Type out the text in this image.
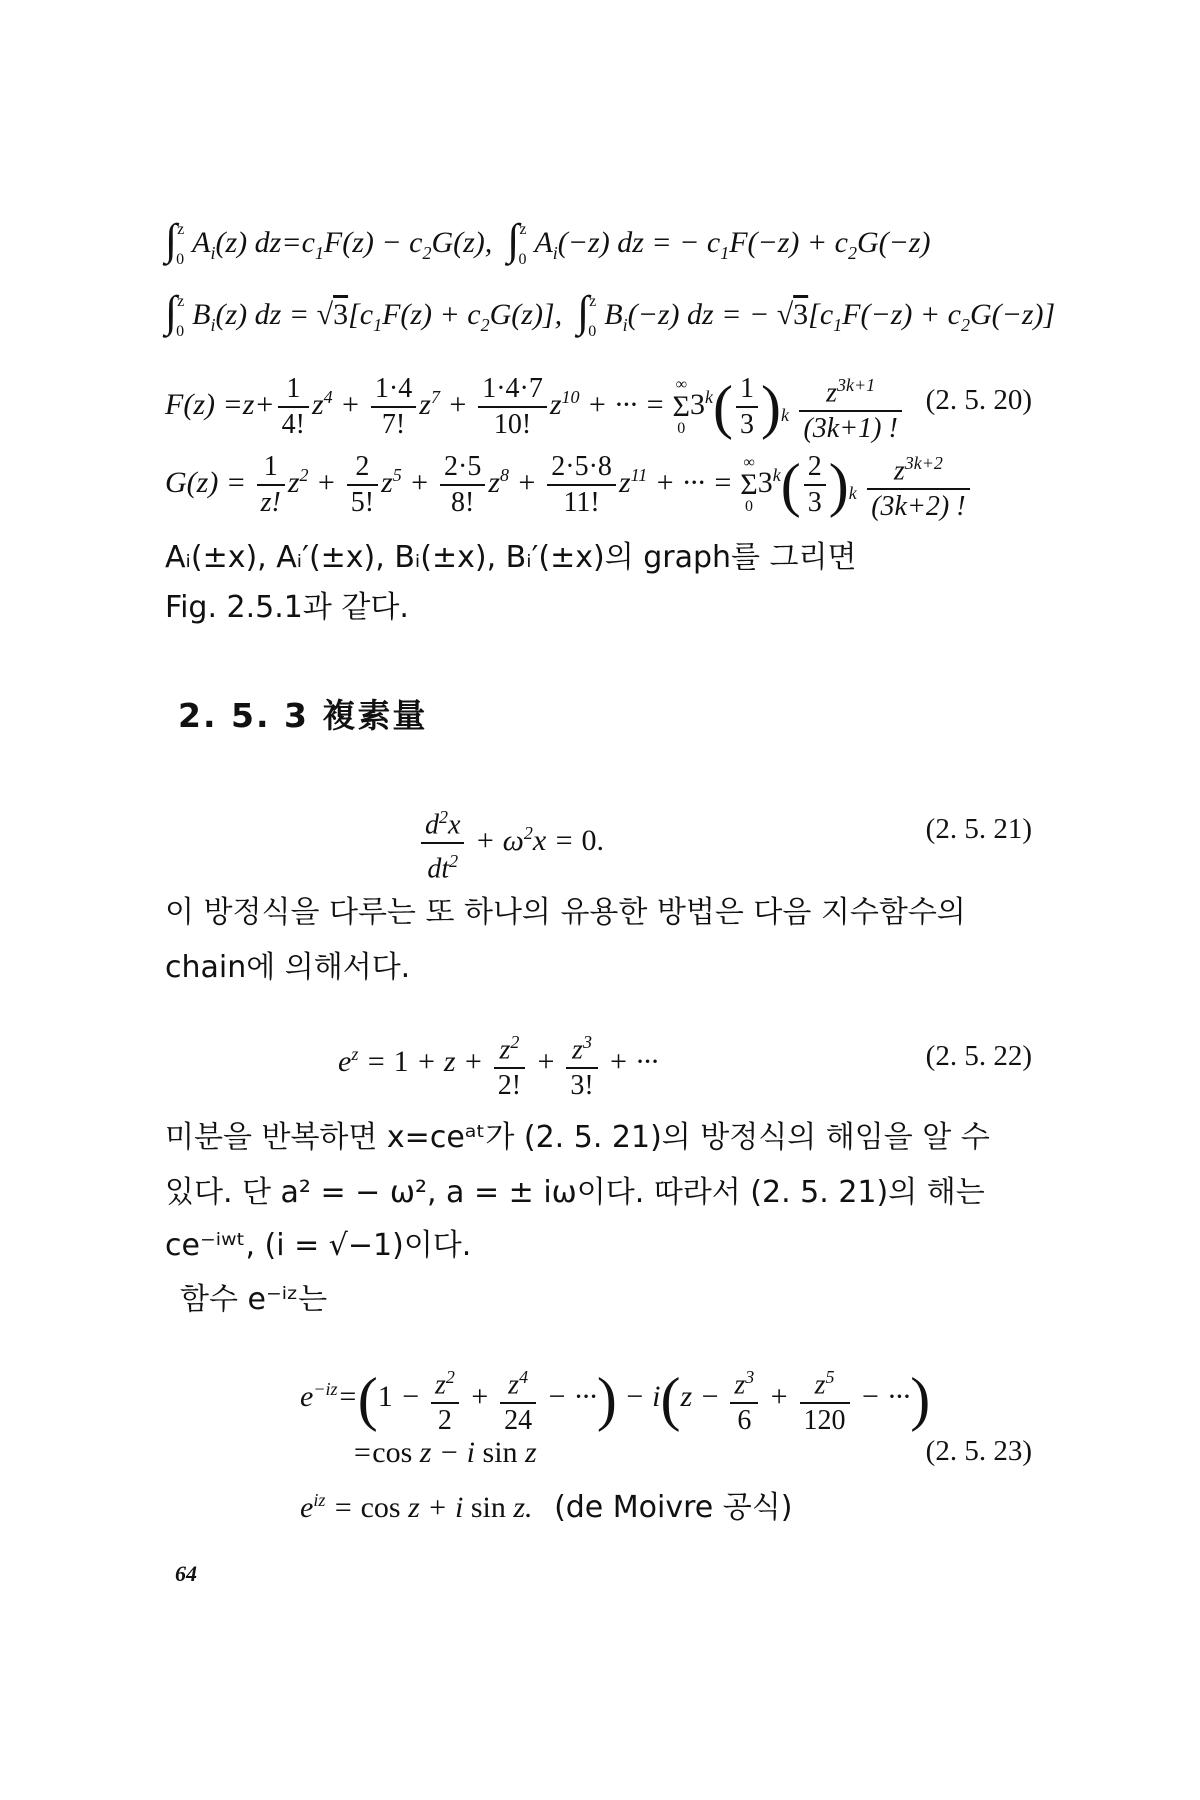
$\int^z_0A_i(z) dz=c_1F(z) - c_2G(z)$,  $\int^z_0A_i(-z)$ dz = − $c_1F(-z) + c_2G(-z)$
$\int^z_0B_i(z)$ dz = $√3[c_1F(z) + c_2G(z)]$,  $\int^z_0B_i(-z)$ dz = − $√3[c_1F(-z) + c_2G(-z)]$
$F(z) =z+ \frac{1}{4!} z^4 + \frac{1\cdot 4}{7!} z^7 + \frac{1\cdot 4\cdot 7}{10!} z^{10}$ + ··· =
∞
Σ
0
$3^k( \frac{1}{3} )_k \frac{z^{3k+1}}{(3k+1) !} (2$. 5. 20)
$G(z) = \frac{1}{z!} z^2 + \frac{2}{5!} z^5 + \frac{2\cdot 5}{8!} z^8 + \frac{2\cdot 5\cdot 8}{11!} z^{11}$ + ··· =
∞
Σ
0
$3^k( \frac{2}{3} )_k \frac{z^{3k+2}}{(3k+2) !}$
Aᵢ(±x), Aᵢ′(±x), Bᵢ(±x), Bᵢ′(±x)의 graph를 그리면
Fig. 2.5.1과 같다.
2. 5. 3 複素量
$\frac{d^2x}{dt^2} + \omega^2x = 0$.	(2. 5. 21)
이 방정식을 다루는 또 하나의 유용한 방법은 다음 지수함수의
chain에 의해서다.
$e^z = 1 + z + \frac{z^2}{2!} + \frac{z^3}{3!}$ + ···	(2. 5. 22)
미분을 반복하면 x=ceᵃᵗ가 (2. 5. 21)의 방정식의 해임을 알 수
있다. 단 a² = − ω², a = ± iω이다. 따라서 (2. 5. 21)의 해는
ce⁻ⁱʷᵗ, (i = √−1)이다.
함수 e⁻ⁱᶻ는
$e^{-iz}=(1 - \frac{z^2}{2} + \frac{z^4}{24}$ − ···) − $i(z - \frac{z^3}{6} + \frac{z^5}{120}$ − ···)
=cos z − i sin z	(2. 5. 23)
$e^{iz} = \cos z + i$ sin z. (de Moivre 공식)
64
